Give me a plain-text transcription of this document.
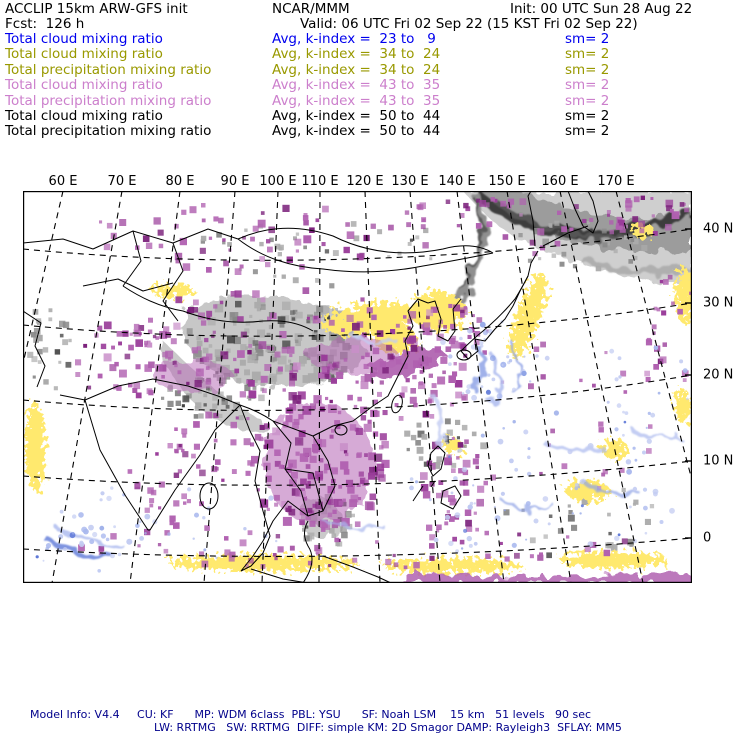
ACCLIP 15km ARW-GFS init	NCAR/MMM	Init: 00 UTC Sun 28 Aug 22
Fcst:  126 h	Valid: 06 UTC Fri 02 Sep 22 (15 KST Fri 02 Sep 22)
Total cloud mixing ratio	Avg, k-index =  23 to   9	sm= 2
Total cloud mixing ratio	Avg, k-index =  34 to  24	sm= 2
Total precipitation mixing ratio	Avg, k-index =  34 to  24	sm= 2
Total cloud mixing ratio	Avg, k-index =  43 to  35	sm= 2
Total precipitation mixing ratio	Avg, k-index =  43 to  35	sm= 2
Total cloud mixing ratio	Avg, k-index =  50 to  44	sm= 2
Total precipitation mixing ratio	Avg, k-index =  50 to  44	sm= 2
60 E 70 E 80 E 90 E 100 E 110 E 120 E 130 E 140 E 150 E 160 E 170 E
40 N
30 N
20 N
10 N
0
Model Info: V4.4     CU: KF      MP: WDM 6class  PBL: YSU      SF: Noah LSM    15 km   51 levels   90 sec
LW: RRTMG   SW: RRTMG  DIFF: simple KM: 2D Smagor DAMP: Rayleigh3  SFLAY: MM5
